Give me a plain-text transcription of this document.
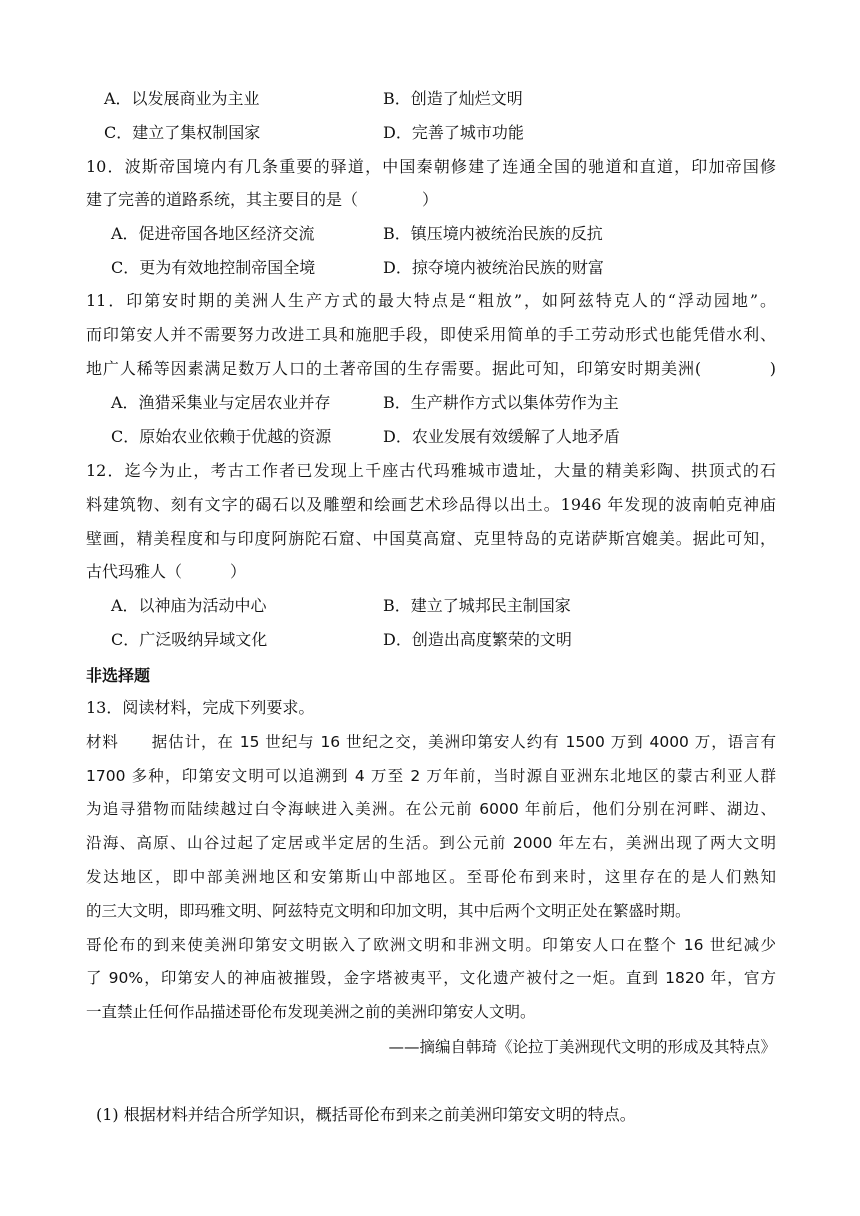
A．以发展商业为主业	B．创造了灿烂文明
C．建立了集权制国家	D．完善了城市功能
10．波斯帝国境内有几条重要的驿道，中国秦朝修建了连通全国的驰道和直道，印加帝国修
建了完善的道路系统，其主要目的是（　　　　）
A．促进帝国各地区经济交流	B．镇压境内被统治民族的反抗
C．更为有效地控制帝国全境	D．掠夺境内被统治民族的财富
11．印第安时期的美洲人生产方式的最大特点是“粗放”，如阿兹特克人的“浮动园地”。
而印第安人并不需要努力改进工具和施肥手段，即使采用简单的手工劳动形式也能凭借水利、
地广人稀等因素满足数万人口的土著帝国的生存需要。据此可知，印第安时期美洲(　　　　)
A．渔猎采集业与定居农业并存	B．生产耕作方式以集体劳作为主
C．原始农业依赖于优越的资源	D．农业发展有效缓解了人地矛盾
12．迄今为止，考古工作者已发现上千座古代玛雅城市遗址，大量的精美彩陶、拱顶式的石
料建筑物、刻有文字的碣石以及雕塑和绘画艺术珍品得以出土。1946 年发现的波南帕克神庙
壁画，精美程度和与印度阿旃陀石窟、中国莫高窟、克里特岛的克诺萨斯宫媲美。据此可知，
古代玛雅人（　　　）
A．以神庙为活动中心	B．建立了城邦民主制国家
C．广泛吸纳异域文化	D．创造出高度繁荣的文明
非选择题
13．阅读材料，完成下列要求。
材料　　据估计，在 15 世纪与 16 世纪之交，美洲印第安人约有 1500 万到 4000 万，语言有
1700 多种，印第安文明可以追溯到 4 万至 2 万年前，当时源自亚洲东北地区的蒙古利亚人群
为追寻猎物而陆续越过白令海峡进入美洲。在公元前 6000 年前后，他们分别在河畔、湖边、
沿海、高原、山谷过起了定居或半定居的生活。到公元前 2000 年左右，美洲出现了两大文明
发达地区，即中部美洲地区和安第斯山中部地区。至哥伦布到来时，这里存在的是人们熟知
的三大文明，即玛雅文明、阿兹特克文明和印加文明，其中后两个文明正处在繁盛时期。
哥伦布的到来使美洲印第安文明嵌入了欧洲文明和非洲文明。印第安人口在整个 16 世纪减少
了 90%，印第安人的神庙被摧毁，金字塔被夷平，文化遗产被付之一炬。直到 1820 年，官方
一直禁止任何作品描述哥伦布发现美洲之前的美洲印第安人文明。
——摘编自韩琦《论拉丁美洲现代文明的形成及其特点》
(1) 根据材料并结合所学知识，概括哥伦布到来之前美洲印第安文明的特点。
